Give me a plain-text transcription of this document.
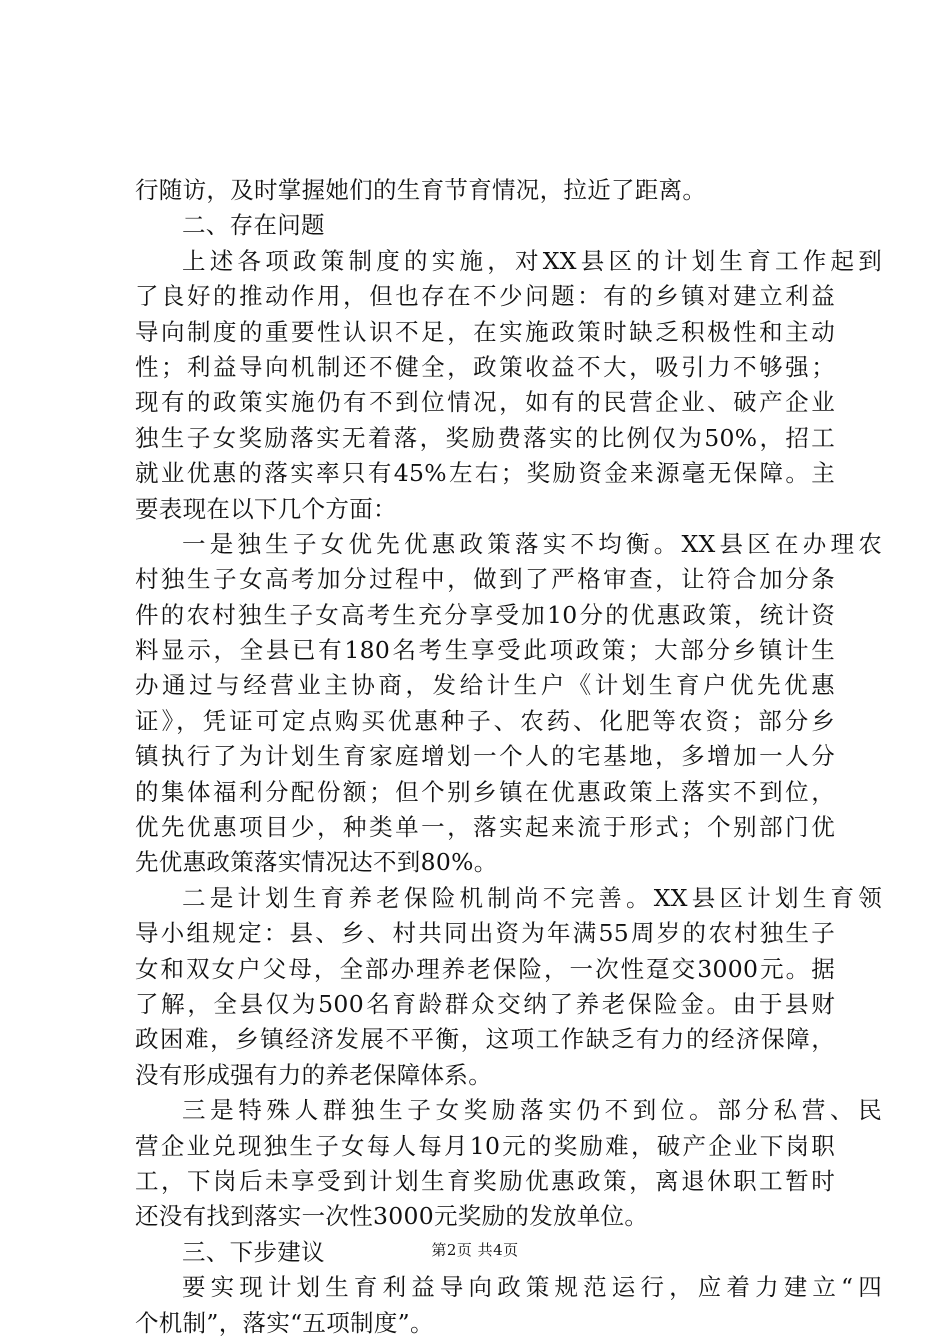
行随访，及时掌握她们的生育节育情况，拉近了距离。
二、存在问题
上述各项政策制度的实施，对XX县区的计划生育工作起到
了良好的推动作用，但也存在不少问题：有的乡镇对建立利益
导向制度的重要性认识不足，在实施政策时缺乏积极性和主动
性；利益导向机制还不健全，政策收益不大，吸引力不够强；
现有的政策实施仍有不到位情况，如有的民营企业、破产企业
独生子女奖励落实无着落，奖励费落实的比例仅为50%，招工
就业优惠的落实率只有45%左右；奖励资金来源毫无保障。主
要表现在以下几个方面：
一是独生子女优先优惠政策落实不均衡。XX县区在办理农
村独生子女高考加分过程中，做到了严格审查，让符合加分条
件的农村独生子女高考生充分享受加10分的优惠政策，统计资
料显示，全县已有180名考生享受此项政策；大部分乡镇计生
办通过与经营业主协商，发给计生户《计划生育户优先优惠
证》，凭证可定点购买优惠种子、农药、化肥等农资；部分乡
镇执行了为计划生育家庭增划一个人的宅基地，多增加一人分
的集体福利分配份额；但个别乡镇在优惠政策上落实不到位，
优先优惠项目少，种类单一，落实起来流于形式；个别部门优
先优惠政策落实情况达不到80%。
二是计划生育养老保险机制尚不完善。XX县区计划生育领
导小组规定：县、乡、村共同出资为年满55周岁的农村独生子
女和双女户父母，全部办理养老保险，一次性趸交3000元。据
了解，全县仅为500名育龄群众交纳了养老保险金。由于县财
政困难，乡镇经济发展不平衡，这项工作缺乏有力的经济保障，
没有形成强有力的养老保障体系。
三是特殊人群独生子女奖励落实仍不到位。部分私营、民
营企业兑现独生子女每人每月10元的奖励难，破产企业下岗职
工，下岗后未享受到计划生育奖励优惠政策，离退休职工暂时
还没有找到落实一次性3000元奖励的发放单位。
三、下步建议
要实现计划生育利益导向政策规范运行，应着力建立“四
个机制”，落实“五项制度”。
第2页 共4页
